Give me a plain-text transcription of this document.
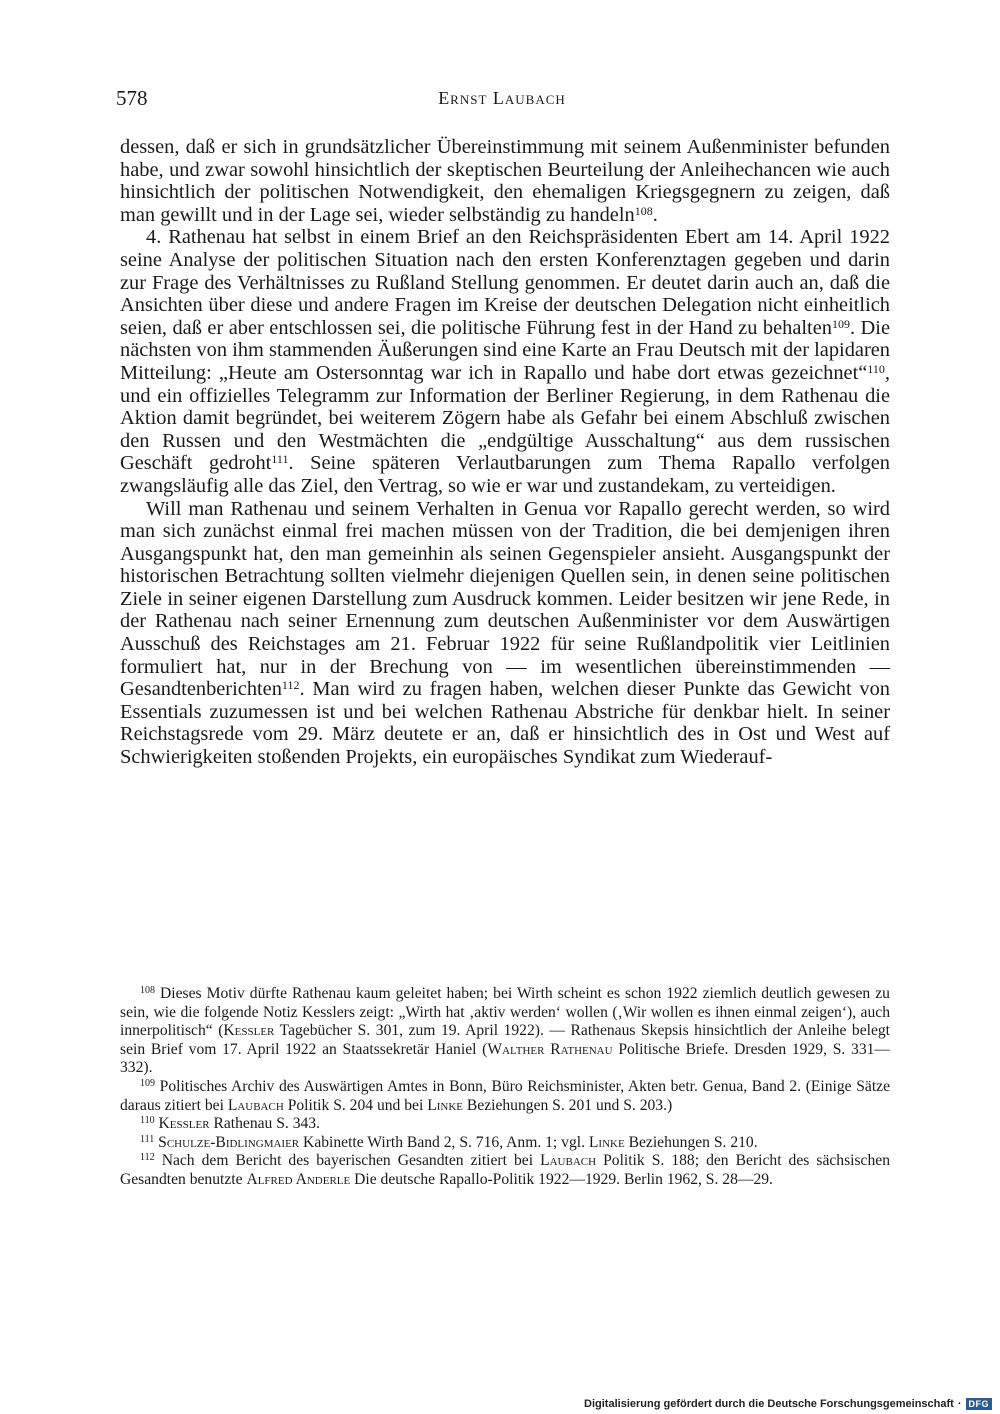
578	Ernst Laubach

dessen, daß er sich in grundsätzlicher Übereinstimmung mit seinem Außenminister befunden habe, und zwar sowohl hinsichtlich der skeptischen Beurteilung der Anleihechancen wie auch hinsichtlich der politischen Notwendigkeit, den ehemaligen Kriegsgegnern zu zeigen, daß man gewillt und in der Lage sei, wieder selbständig zu handeln$^{108}$.

4. Rathenau hat selbst in einem Brief an den Reichspräsidenten Ebert am 14. April 1922 seine Analyse der politischen Situation nach den ersten Konferenztagen gegeben und darin zur Frage des Verhältnisses zu Rußland Stellung genommen. Er deutet darin auch an, daß die Ansichten über diese und andere Fragen im Kreise der deutschen Delegation nicht einheitlich seien, daß er aber entschlossen sei, die politische Führung fest in der Hand zu behalten$^{109}$. Die nächsten von ihm stammenden Äußerungen sind eine Karte an Frau Deutsch mit der lapidaren Mitteilung: „Heute am Ostersonntag war ich in Rapallo und habe dort etwas gezeichnet“$^{110}$, und ein offizielles Telegramm zur Information der Berliner Regierung, in dem Rathenau die Aktion damit begründet, bei weiterem Zögern habe als Gefahr bei einem Abschluß zwischen den Russen und den Westmächten die „endgültige Ausschaltung“ aus dem russischen Geschäft gedroht$^{111}$. Seine späteren Verlautbarungen zum Thema Rapallo verfolgen zwangsläufig alle das Ziel, den Vertrag, so wie er war und zustandekam, zu verteidigen.

Will man Rathenau und seinem Verhalten in Genua vor Rapallo gerecht werden, so wird man sich zunächst einmal frei machen müssen von der Tradition, die bei demjenigen ihren Ausgangspunkt hat, den man gemeinhin als seinen Gegenspieler ansieht. Ausgangspunkt der historischen Betrachtung sollten vielmehr diejenigen Quellen sein, in denen seine politischen Ziele in seiner eigenen Darstellung zum Ausdruck kommen. Leider besitzen wir jene Rede, in der Rathenau nach seiner Ernennung zum deutschen Außenminister vor dem Auswärtigen Ausschuß des Reichstages am 21. Februar 1922 für seine Rußlandpolitik vier Leitlinien formuliert hat, nur in der Brechung von — im wesentlichen übereinstimmenden — Gesandtenberichten$^{112}$. Man wird zu fragen haben, welchen dieser Punkte das Gewicht von Essentials zuzumessen ist und bei welchen Rathenau Abstriche für denkbar hielt. In seiner Reichstagsrede vom 29. März deutete er an, daß er hinsichtlich des in Ost und West auf Schwierigkeiten stoßenden Projekts, ein europäisches Syndikat zum Wiederauf-

$^{108}$ Dieses Motiv dürfte Rathenau kaum geleitet haben; bei Wirth scheint es schon 1922 ziemlich deutlich gewesen zu sein, wie die folgende Notiz Kesslers zeigt: „Wirth hat ‚aktiv werden‘ wollen (‚Wir wollen es ihnen einmal zeigen‘), auch innerpolitisch“ (Kessler Tagebücher S. 301, zum 19. April 1922). — Rathenaus Skepsis hinsichtlich der Anleihe belegt sein Brief vom 17. April 1922 an Staatssekretär Haniel (Walther Rathenau Politische Briefe. Dresden 1929, S. 331—332).

$^{109}$ Politisches Archiv des Auswärtigen Amtes in Bonn, Büro Reichsminister, Akten betr. Genua, Band 2. (Einige Sätze daraus zitiert bei Laubach Politik S. 204 und bei Linke Beziehungen S. 201 und S. 203.)

$^{110}$ Kessler Rathenau S. 343.

$^{111}$ Schulze-Bidlingmaier Kabinette Wirth Band 2, S. 716, Anm. 1; vgl. Linke Beziehungen S. 210.

$^{112}$ Nach dem Bericht des bayerischen Gesandten zitiert bei Laubach Politik S. 188; den Bericht des sächsischen Gesandten benutzte Alfred Anderle Die deutsche Rapallo-Politik 1922—1929. Berlin 1962, S. 28—29.

Digitalisierung gefördert durch die Deutsche Forschungsgemeinschaft · DFG
